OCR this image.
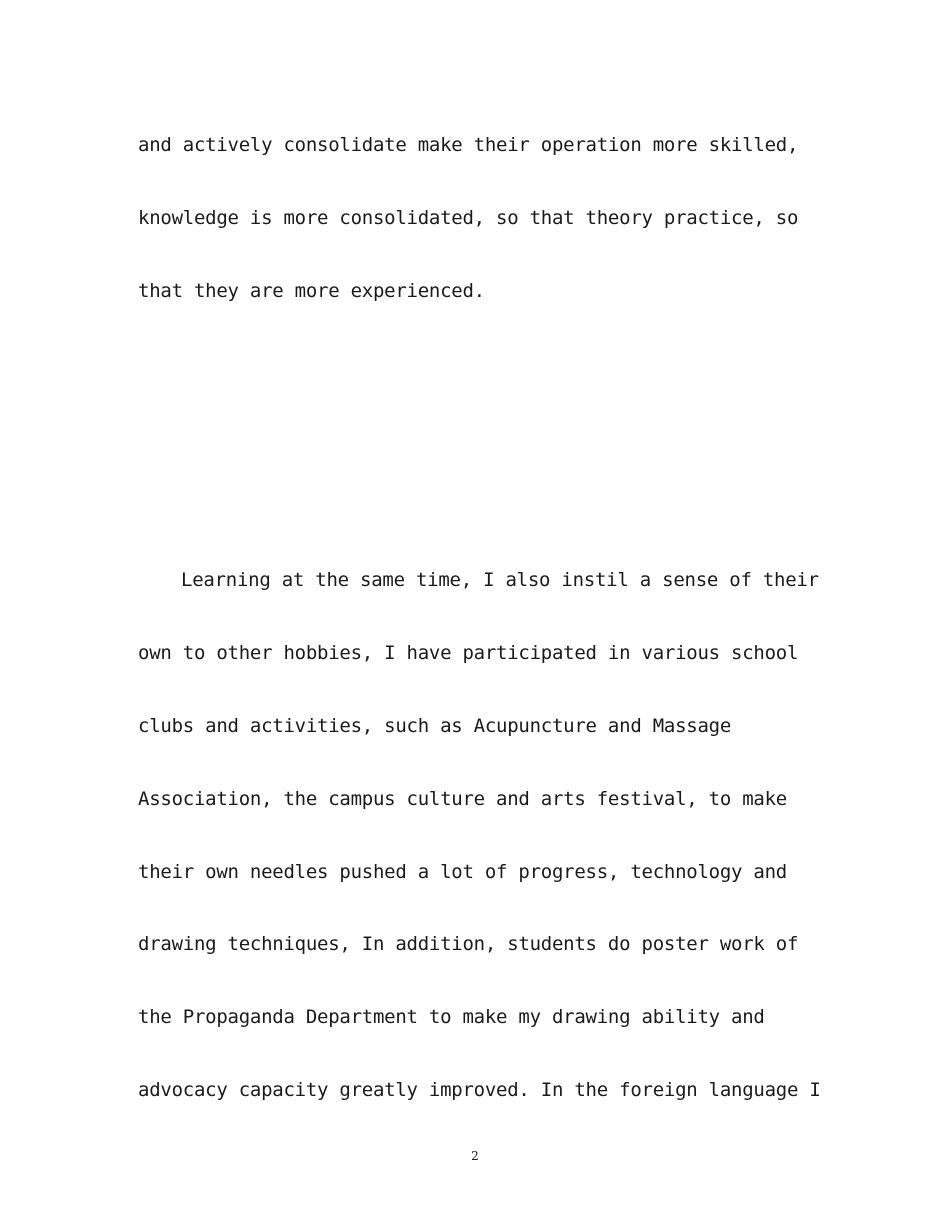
and actively consolidate make their operation more skilled,
knowledge is more consolidated, so that theory practice, so
that they are more experienced.
Learning at the same time, I also instil a sense of their
own to other hobbies, I have participated in various school
clubs and activities, such as Acupuncture and Massage
Association, the campus culture and arts festival, to make
their own needles pushed a lot of progress, technology and
drawing techniques, In addition, students do poster work of
the Propaganda Department to make my drawing ability and
advocacy capacity greatly improved. In the foreign language I
2
